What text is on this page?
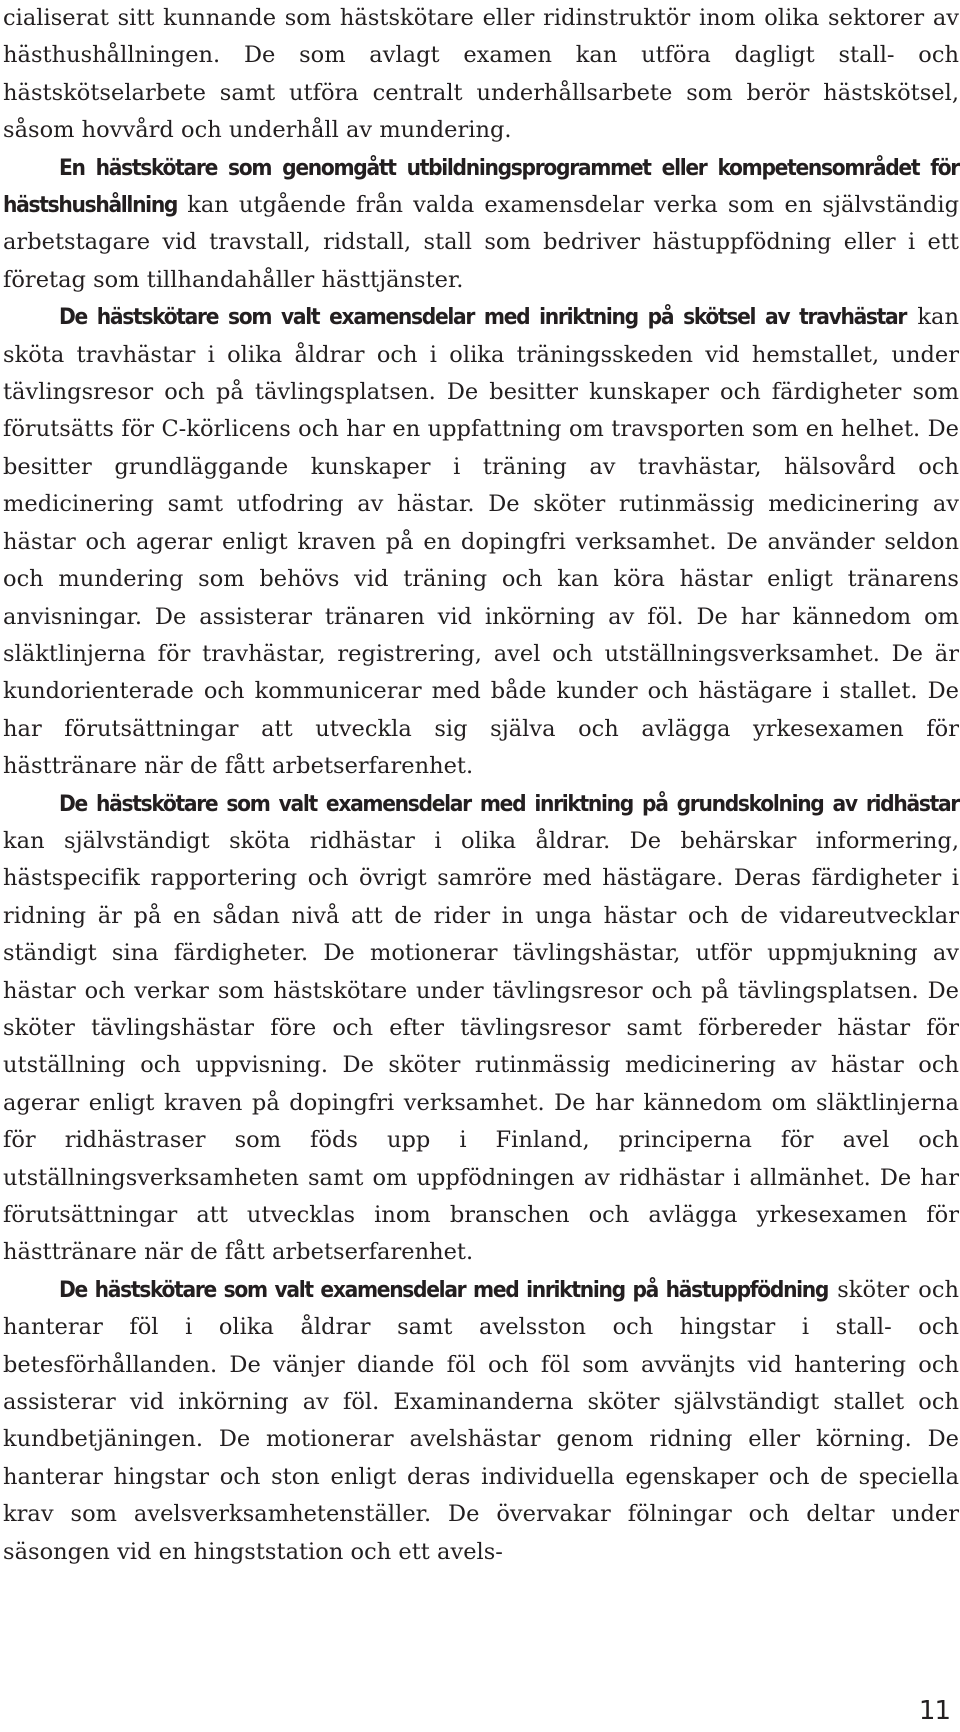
cialiserat sitt kunnande som hästskötare eller ridinstruktör inom olika sektorer av hästhushållningen. De som avlagt examen kan utföra dagligt stall- och hästskötselarbete samt utföra centralt underhållsarbete som berör hästskötsel, såsom hovvård och underhåll av mundering.

En hästskötare som genomgått utbildningsprogrammet eller kompetensområdet för hästshushållning kan utgående från valda examensdelar verka som en självständig arbetstagare vid travstall, ridstall, stall som bedriver hästuppfödning eller i ett företag som tillhandahåller hästtjänster.

De hästskötare som valt examensdelar med inriktning på skötsel av travhästar kan sköta travhästar i olika åldrar och i olika träningsskeden vid hemstallet, under tävlingsresor och på tävlingsplatsen. De besitter kunskaper och färdigheter som förutsätts för C-körlicens och har en uppfattning om travsporten som en helhet. De besitter grundläggande kunskaper i träning av travhästar, hälsovård och medicinering samt utfodring av hästar. De sköter rutinmässig medicinering av hästar och agerar enligt kraven på en dopingfri verksamhet. De använder seldon och mundering som behövs vid träning och kan köra hästar enligt tränarens anvisningar. De assisterar tränaren vid inkörning av föl. De har kännedom om släktlinjerna för travhästar, registrering, avel och utställningsverksamhet. De är kundorienterade och kommunicerar med både kunder och hästägare i stallet. De har förutsättningar att utveckla sig själva och avlägga yrkesexamen för hästtränare när de fått arbetserfarenhet.

De hästskötare som valt examensdelar med inriktning på grundskolning av ridhästar kan självständigt sköta ridhästar i olika åldrar. De behärskar informering, hästspecifik rapportering och övrigt samröre med hästägare. Deras färdigheter i ridning är på en sådan nivå att de rider in unga hästar och de vidareutvecklar ständigt sina färdigheter. De motionerar tävlingshästar, utför uppmjukning av hästar och verkar som hästskötare under tävlingsresor och på tävlingsplatsen. De sköter tävlingshästar före och efter tävlingsresor samt förbereder hästar för utställning och uppvisning. De sköter rutinmässig medicinering av hästar och agerar enligt kraven på dopingfri verksamhet. De har kännedom om släktlinjerna för ridhästraser som föds upp i Finland, principerna för avel och utställningsverksamheten samt om uppfödningen av ridhästar i allmänhet. De har förutsättningar att utvecklas inom branschen och avlägga yrkesexamen för hästtränare när de fått arbetserfarenhet.

De hästskötare som valt examensdelar med inriktning på hästuppfödning sköter och hanterar föl i olika åldrar samt avelsston och hingstar i stall- och betesförhållanden. De vänjer diande föl och föl som avvänjts vid hantering och assisterar vid inkörning av föl. Examinanderna sköter självständigt stallet och kundbetjäningen. De motionerar avelshästar genom ridning eller körning. De hanterar hingstar och ston enligt deras individuella egenskaper och de speciella krav som avelsverksamhetenställer. De övervakar fölningar och deltar under säsongen vid en hingststation och ett avels-

11
